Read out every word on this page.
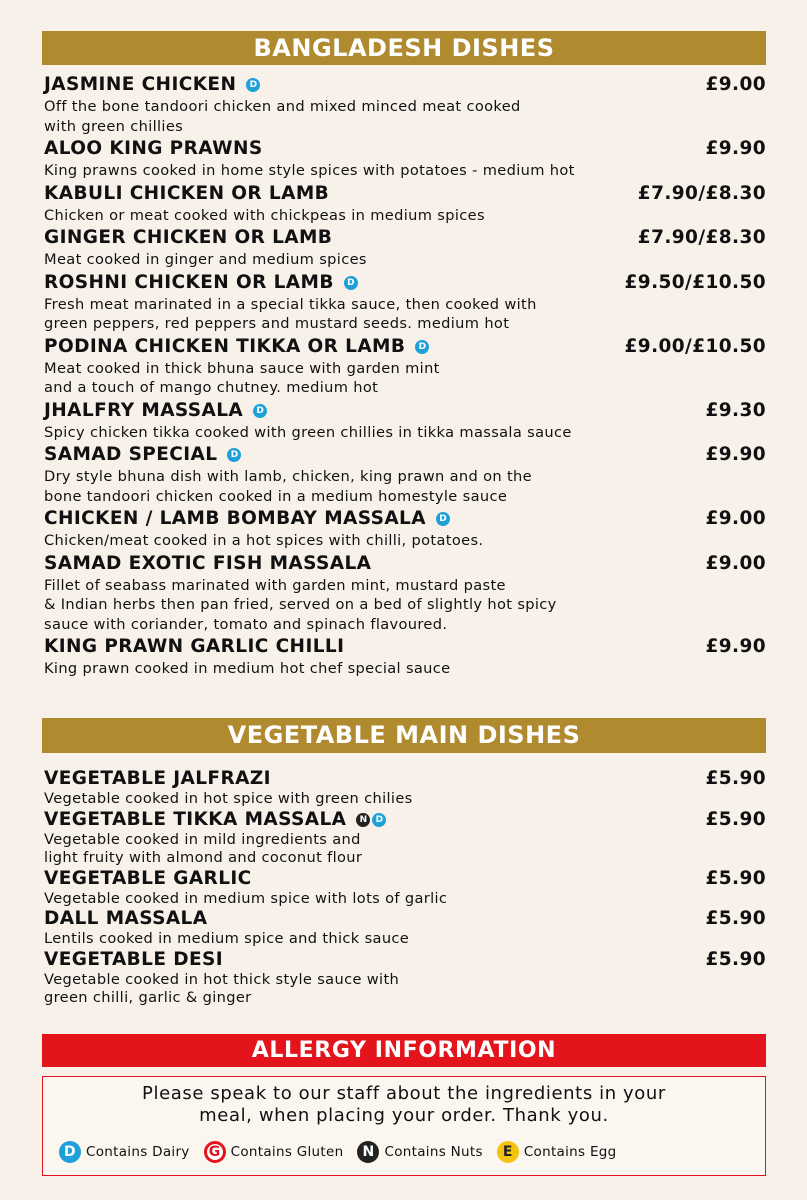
BANGLADESH DISHES
JASMINE CHICKEN	D	£9.00
Off the bone tandoori chicken and mixed minced meat cooked
with green chillies
ALOO KING PRAWNS	£9.90
King prawns cooked in home style spices with potatoes - medium hot
KABULI CHICKEN OR LAMB	£7.90/£8.30
Chicken or meat cooked with chickpeas in medium spices
GINGER CHICKEN OR LAMB	£7.90/£8.30
Meat cooked in ginger and medium spices
ROSHNI CHICKEN OR LAMB	D	£9.50/£10.50
Fresh meat marinated in a special tikka sauce, then cooked with
green peppers, red peppers and mustard seeds. medium hot
PODINA CHICKEN TIKKA OR LAMB	D	£9.00/£10.50
Meat cooked in thick bhuna sauce with garden mint
and a touch of mango chutney. medium hot
JHALFRY MASSALA	D	£9.30
Spicy chicken tikka cooked with green chillies in tikka massala sauce
SAMAD SPECIAL	D	£9.90
Dry style bhuna dish with lamb, chicken, king prawn and on the
bone tandoori chicken cooked in a medium homestyle sauce
CHICKEN / LAMB BOMBAY MASSALA	D	£9.00
Chicken/meat cooked in a hot spices with chilli, potatoes.
SAMAD EXOTIC FISH MASSALA	£9.00
Fillet of seabass marinated with garden mint, mustard paste
& Indian herbs then pan fried, served on a bed of slightly hot spicy
sauce with coriander, tomato and spinach flavoured.
KING PRAWN GARLIC CHILLI	£9.90
King prawn cooked in medium hot chef special sauce
VEGETABLE MAIN DISHES
VEGETABLE JALFRAZI	£5.90
Vegetable cooked in hot spice with green chilies
VEGETABLE TIKKA MASSALA	N D	£5.90
Vegetable cooked in mild ingredients and
light fruity with almond and coconut flour
VEGETABLE GARLIC	£5.90
Vegetable cooked in medium spice with lots of garlic
DALL MASSALA	£5.90
Lentils cooked in medium spice and thick sauce
VEGETABLE DESI	£5.90
Vegetable cooked in hot thick style sauce with
green chilli, garlic & ginger
ALLERGY INFORMATION
Please speak to our staff about the ingredients in your
meal, when placing your order. Thank you.
D Contains Dairy	G Contains Gluten	N Contains Nuts	E Contains Egg
